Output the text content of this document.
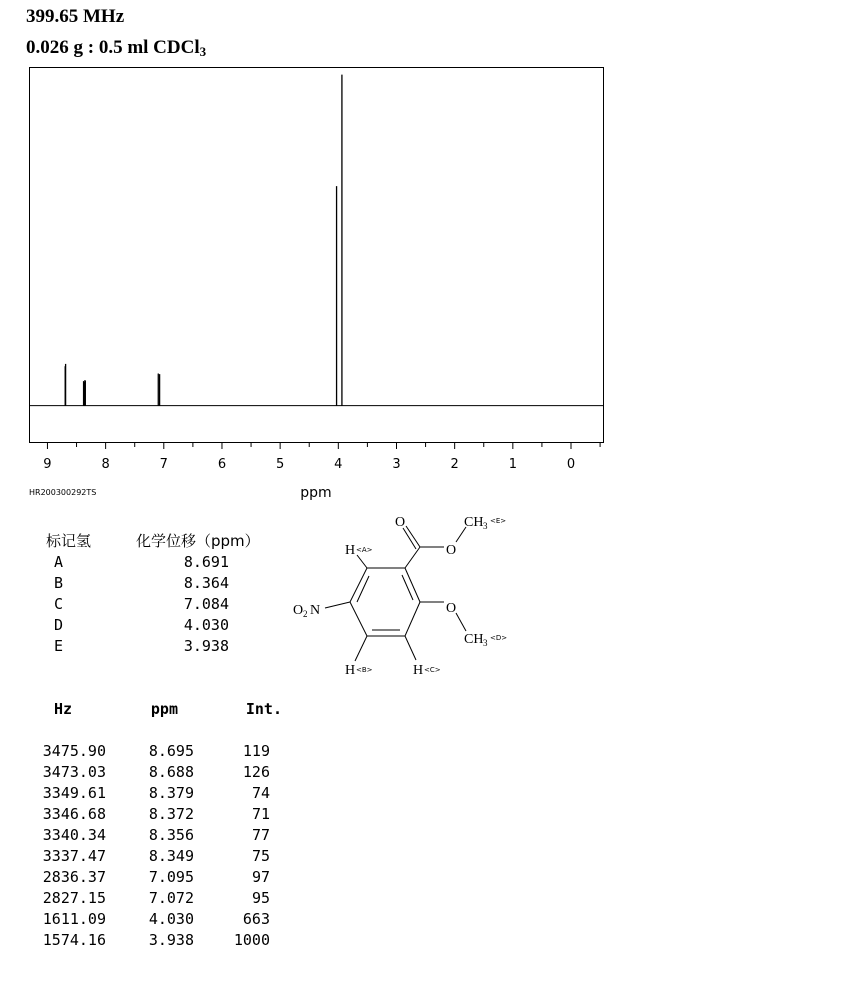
399.65 MHz
0.026 g : 0.5 ml CDCl$_3$
9	8	7	6	5	4	3	2	1	0
ppm
HR200300292TS
标记氢	化学位移（ppm）
A	8.691
B	8.364
C	7.084
D	4.030
E	3.938
O
O
CH 3 <E>
H <A>
O
CH 3 <D>
O 2 N
H <B>	H <C>
Hz	ppm	Int.
3475.90	8.695	119
3473.03	8.688	126
3349.61	8.379	74
3346.68	8.372	71
3340.34	8.356	77
3337.47	8.349	75
2836.37	7.095	97
2827.15	7.072	95
1611.09	4.030	663
1574.16	3.938	1000
